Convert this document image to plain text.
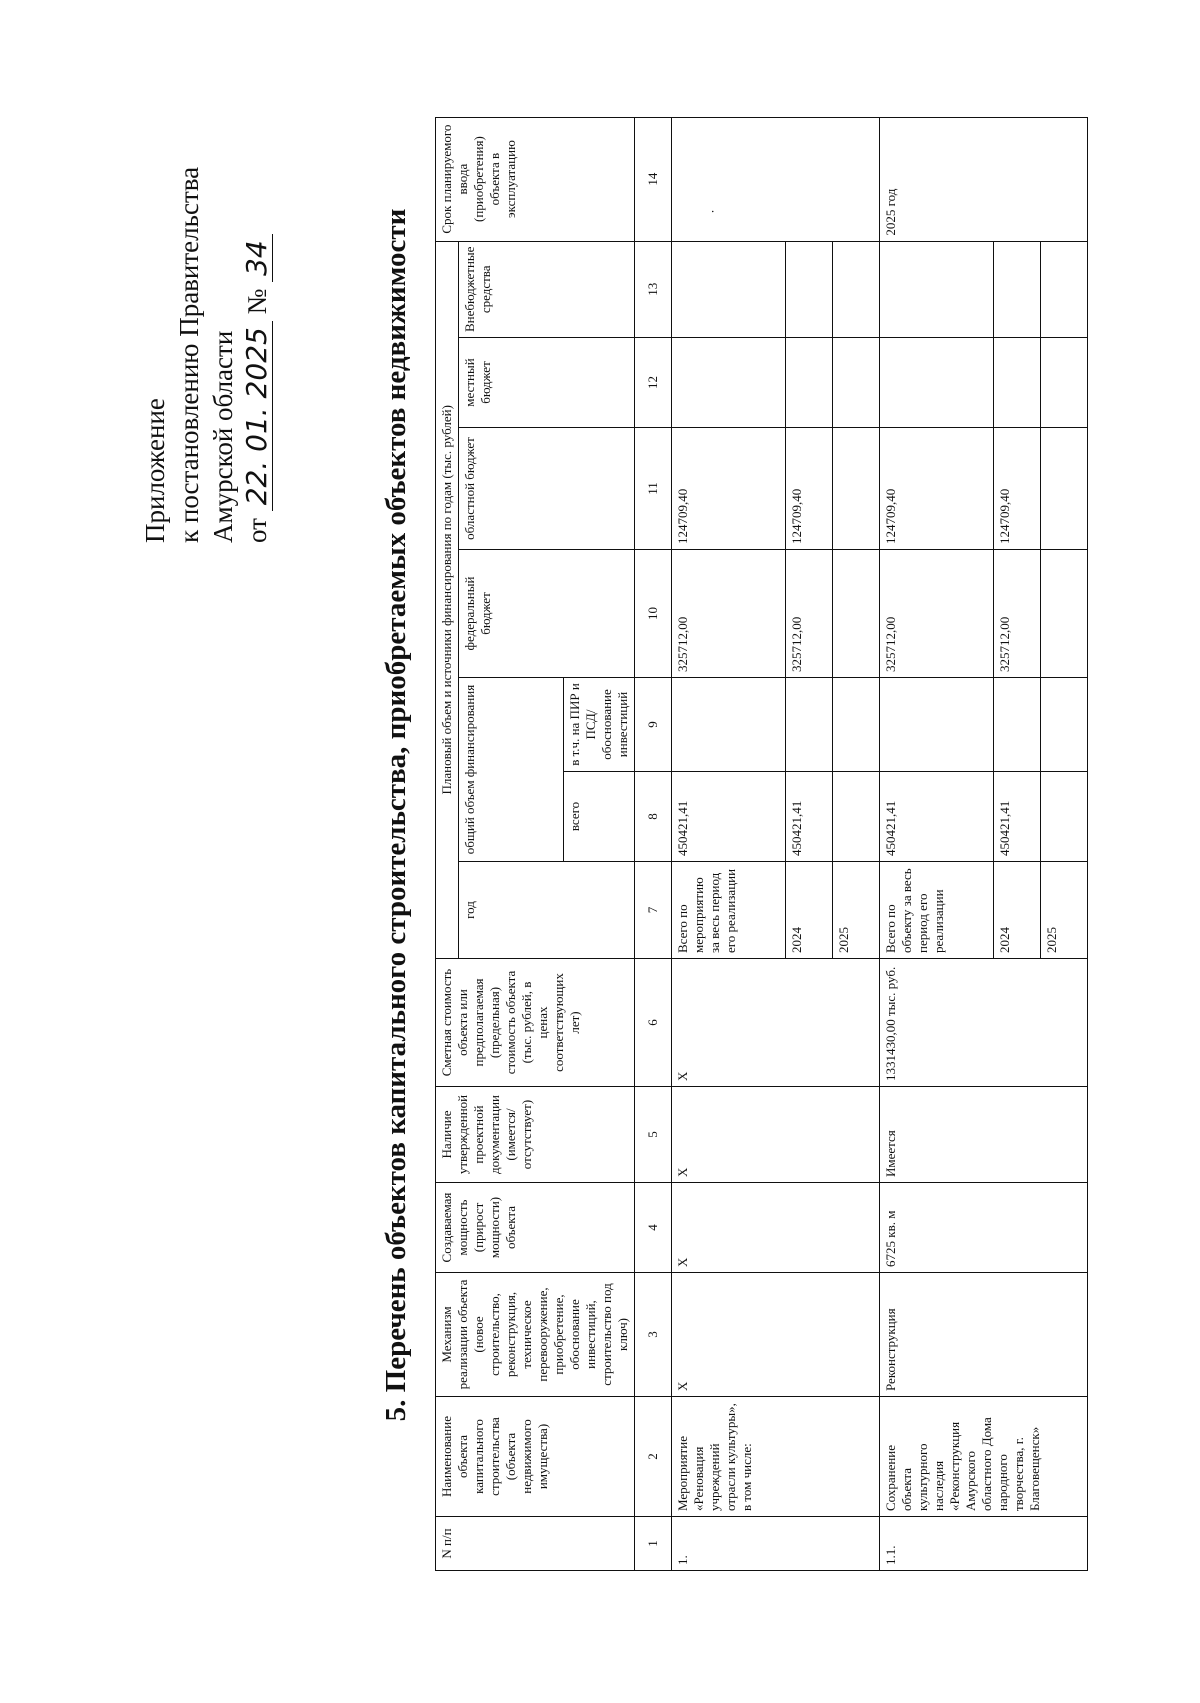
Приложение к постановлению Правительства Амурской области от 22. 01. 2025 № 34	5. Перечень объектов капитального строительства, приобретаемых объектов недвижимости
N п/п	Наименование объекта капитального строительства (объекта недвижимого имущества)	Механизм реализации объекта (новое строительство, реконструкция, техническое перевооружение, приобретение, обоснование инвестиций, строительство под ключ)	Создаваемая мощность (прирост мощности) объекта	Наличие утвержденной проектной документации (имеется/ отсутствует)	Сметная стоимость объекта или предполагаемая (предельная) стоимость объекта (тыс. рублей, в ценах соответствующих лет)	Плановый объем и источники финансирования по годам (тыс. рублей)							Срок планируемого ввода (приобретения) объекта в эксплуатацию
						год	общий объем финансирования		федеральный бюджет	областной бюджет	местный бюджет	Внебюджетные средства	
							всего	в т.ч. на ПИР и ПСД/ обоснование инвестиций					
1	2	3	4	5	6	7	8	9	10	11	12	13	14
1.	Мероприятие «Реновация учреждений отрасли культуры», в том числе:	Х	Х	Х	Х	Всего по мероприятию за весь период его реализации	450421,41		325712,00	124709,40			·

						2024	450421,41		325712,00	124709,40			
						2025							
1.1.	Сохранение объекта культурного наследия «Реконструкция Амурского областного Дома народного творчества, г. Благовещенск»	Реконструкция	6725 кв. м	Имеется	1331430,00 тыс. руб.	Всего по объекту за весь период его реализации	450421,41		325712,00	124709,40			2025 год
						2024	450421,41		325712,00	124709,40			
						2025							
